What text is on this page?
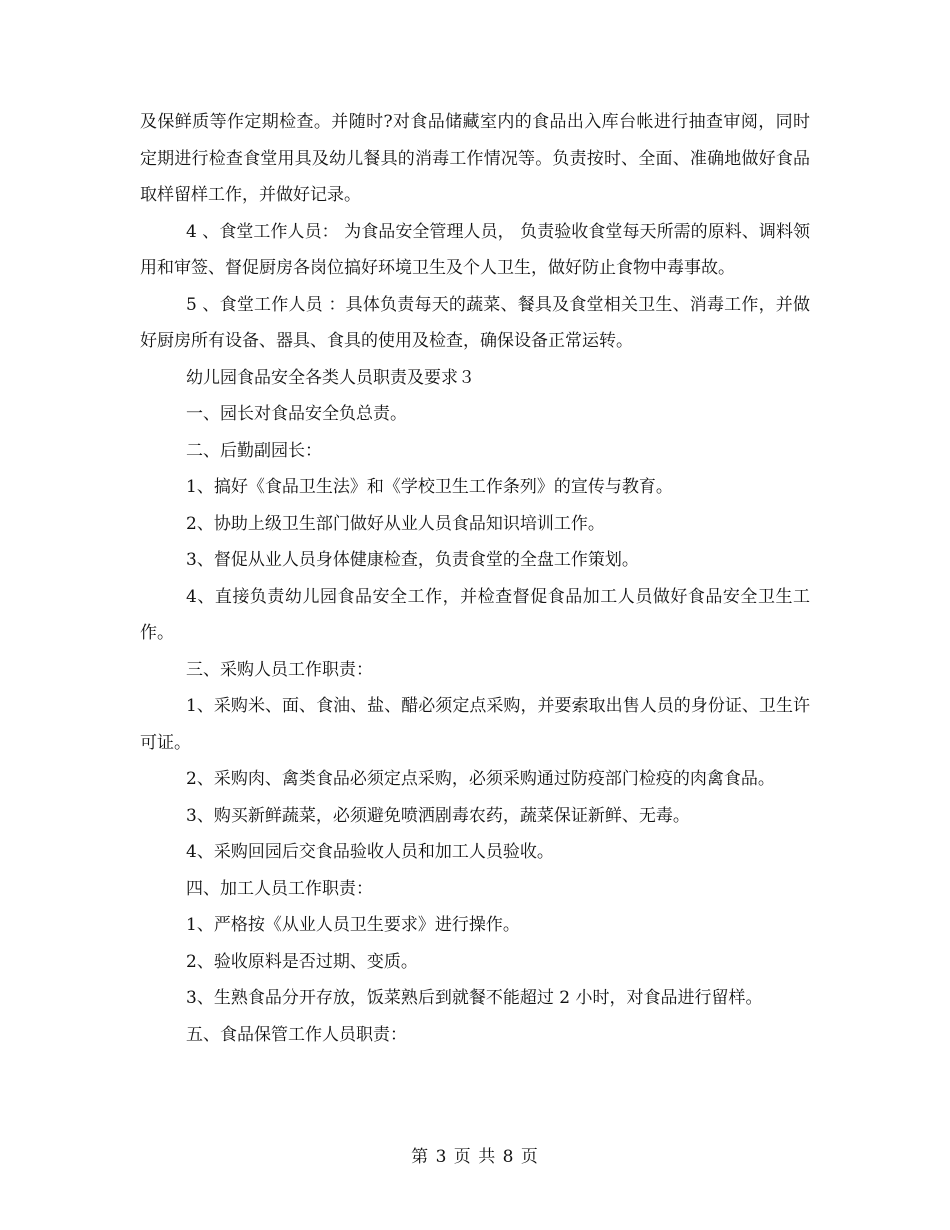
及保鲜质等作定期检查。并随时?对食品储藏室内的食品出入库台帐进行抽查审阅，同时定期进行检查食堂用具及幼儿餐具的消毒工作情况等。负责按时、全面、准确地做好食品取样留样工作，并做好记录。

4 、食堂工作人员： 为食品安全管理人员， 负责验收食堂每天所需的原料、调料领用和审签、督促厨房各岗位搞好环境卫生及个人卫生，做好防止食物中毒事故。

5 、食堂工作人员 ：具体负责每天的蔬菜、餐具及食堂相关卫生、消毒工作，并做好厨房所有设备、器具、食具的使用及检查，确保设备正常运转。

幼儿园食品安全各类人员职责及要求３

一、园长对食品安全负总责。

二、后勤副园长：

1、搞好《食品卫生法》和《学校卫生工作条列》的宣传与教育。

2、协助上级卫生部门做好从业人员食品知识培训工作。

3、督促从业人员身体健康检查，负责食堂的全盘工作策划。

4、直接负责幼儿园食品安全工作，并检查督促食品加工人员做好食品安全卫生工作。

三、采购人员工作职责：

1、采购米、面、食油、盐、醋必须定点采购，并要索取出售人员的身份证、卫生许可证。

2、采购肉、禽类食品必须定点采购，必须采购通过防疫部门检疫的肉禽食品。

3、购买新鲜蔬菜，必须避免喷洒剧毒农药，蔬菜保证新鲜、无毒。

4、采购回园后交食品验收人员和加工人员验收。

四、加工人员工作职责：

1、严格按《从业人员卫生要求》进行操作。

2、验收原料是否过期、变质。

3、生熟食品分开存放，饭菜熟后到就餐不能超过 2 小时，对食品进行留样。

五、食品保管工作人员职责：

第 3 页 共 8 页
